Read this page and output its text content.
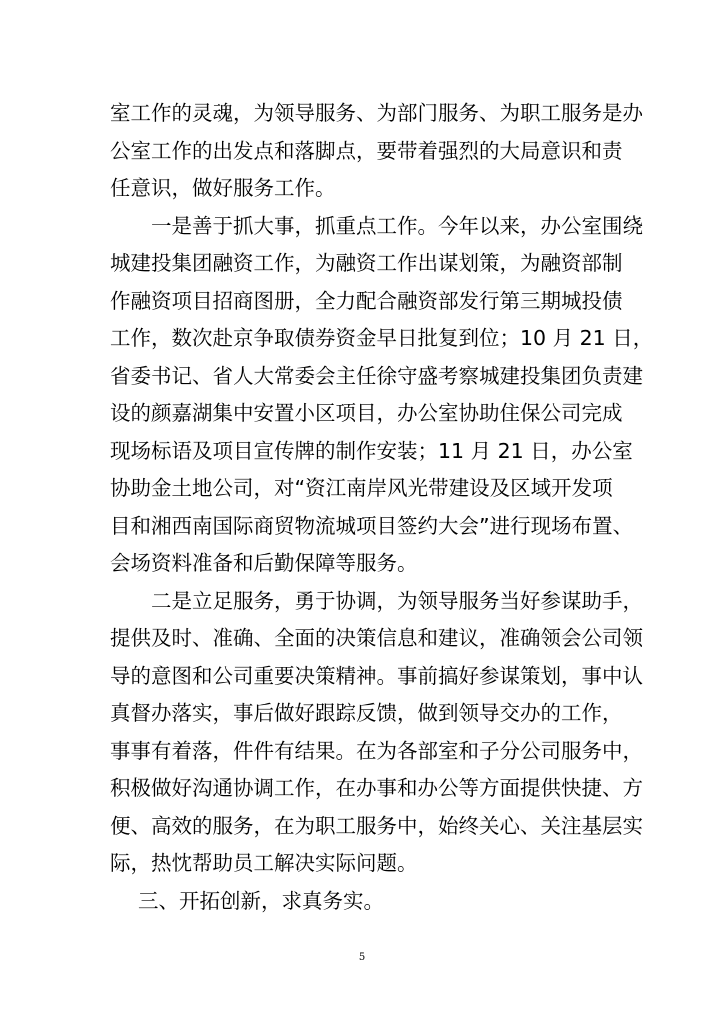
室工作的灵魂，为领导服务、为部门服务、为职工服务是办
公室工作的出发点和落脚点，要带着强烈的大局意识和责
任意识，做好服务工作。
一是善于抓大事，抓重点工作。今年以来，办公室围绕
城建投集团融资工作，为融资工作出谋划策，为融资部制
作融资项目招商图册，全力配合融资部发行第三期城投债
工作，数次赴京争取债券资金早日批复到位；10 月 21 日，
省委书记、省人大常委会主任徐守盛考察城建投集团负责建
设的颜嘉湖集中安置小区项目，办公室协助住保公司完成
现场标语及项目宣传牌的制作安装；11 月 21 日，办公室
协助金土地公司，对“资江南岸风光带建设及区域开发项
目和湘西南国际商贸物流城项目签约大会”进行现场布置、
会场资料准备和后勤保障等服务。
二是立足服务，勇于协调，为领导服务当好参谋助手，
提供及时、准确、全面的决策信息和建议，准确领会公司领
导的意图和公司重要决策精神。事前搞好参谋策划，事中认
真督办落实，事后做好跟踪反馈，做到领导交办的工作，
事事有着落，件件有结果。在为各部室和子分公司服务中，
积极做好沟通协调工作，在办事和办公等方面提供快捷、方
便、高效的服务，在为职工服务中，始终关心、关注基层实
际，热忱帮助员工解决实际问题。
三、开拓创新，求真务实。
5
